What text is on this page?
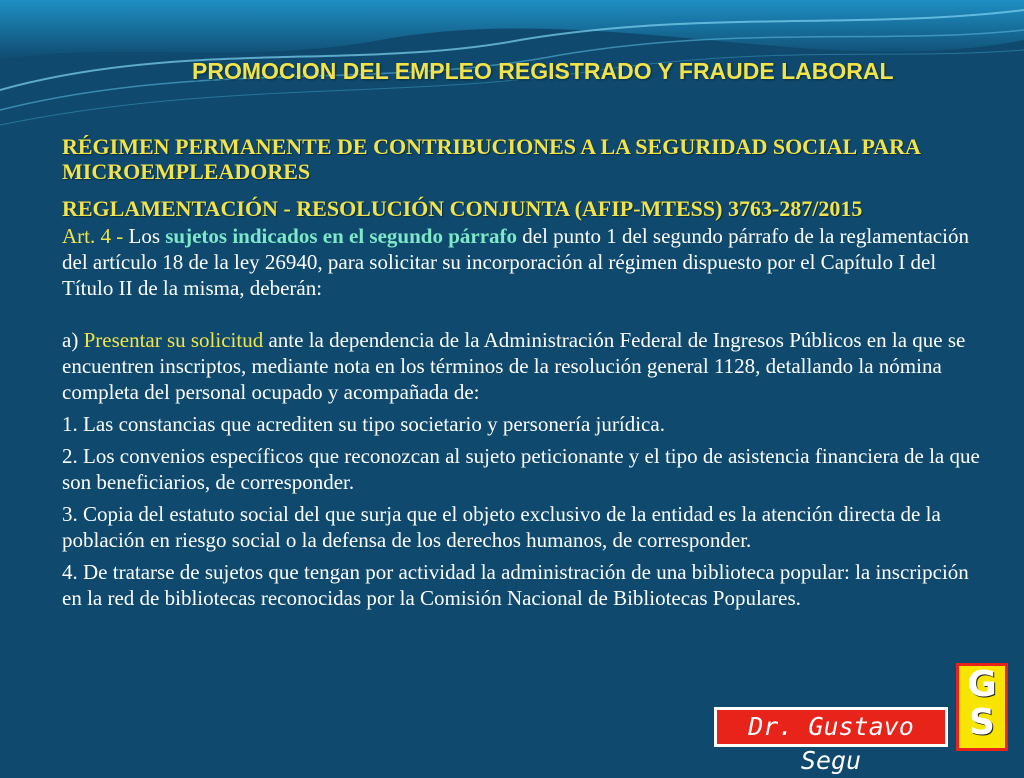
PROMOCION DEL EMPLEO REGISTRADO Y FRAUDE LABORAL

RÉGIMEN PERMANENTE DE CONTRIBUCIONES A LA SEGURIDAD SOCIAL PARA MICROEMPLEADORES

REGLAMENTACIÓN - RESOLUCIÓN CONJUNTA (AFIP-MTESS) 3763-287/2015

Art. 4 - Los sujetos indicados en el segundo párrafo del punto 1 del segundo párrafo de la reglamentación del artículo 18 de la ley 26940, para solicitar su incorporación al régimen dispuesto por el Capítulo I del Título II de la misma, deberán:

a) Presentar su solicitud ante la dependencia de la Administración Federal de Ingresos Públicos en la que se encuentren inscriptos, mediante nota en los términos de la resolución general 1128, detallando la nómina completa del personal ocupado y acompañada de:

1. Las constancias que acrediten su tipo societario y personería jurídica.

2. Los convenios específicos que reconozcan al sujeto peticionante y el tipo de asistencia financiera de la que son beneficiarios, de corresponder.

3. Copia del estatuto social del que surja que el objeto exclusivo de la entidad es la atención directa de la población en riesgo social o la defensa de los derechos humanos, de corresponder.

4. De tratarse de sujetos que tengan por actividad la administración de una biblioteca popular: la inscripción en la red de bibliotecas reconocidas por la Comisión Nacional de Bibliotecas Populares.

Dr. Gustavo Segu
G
S
